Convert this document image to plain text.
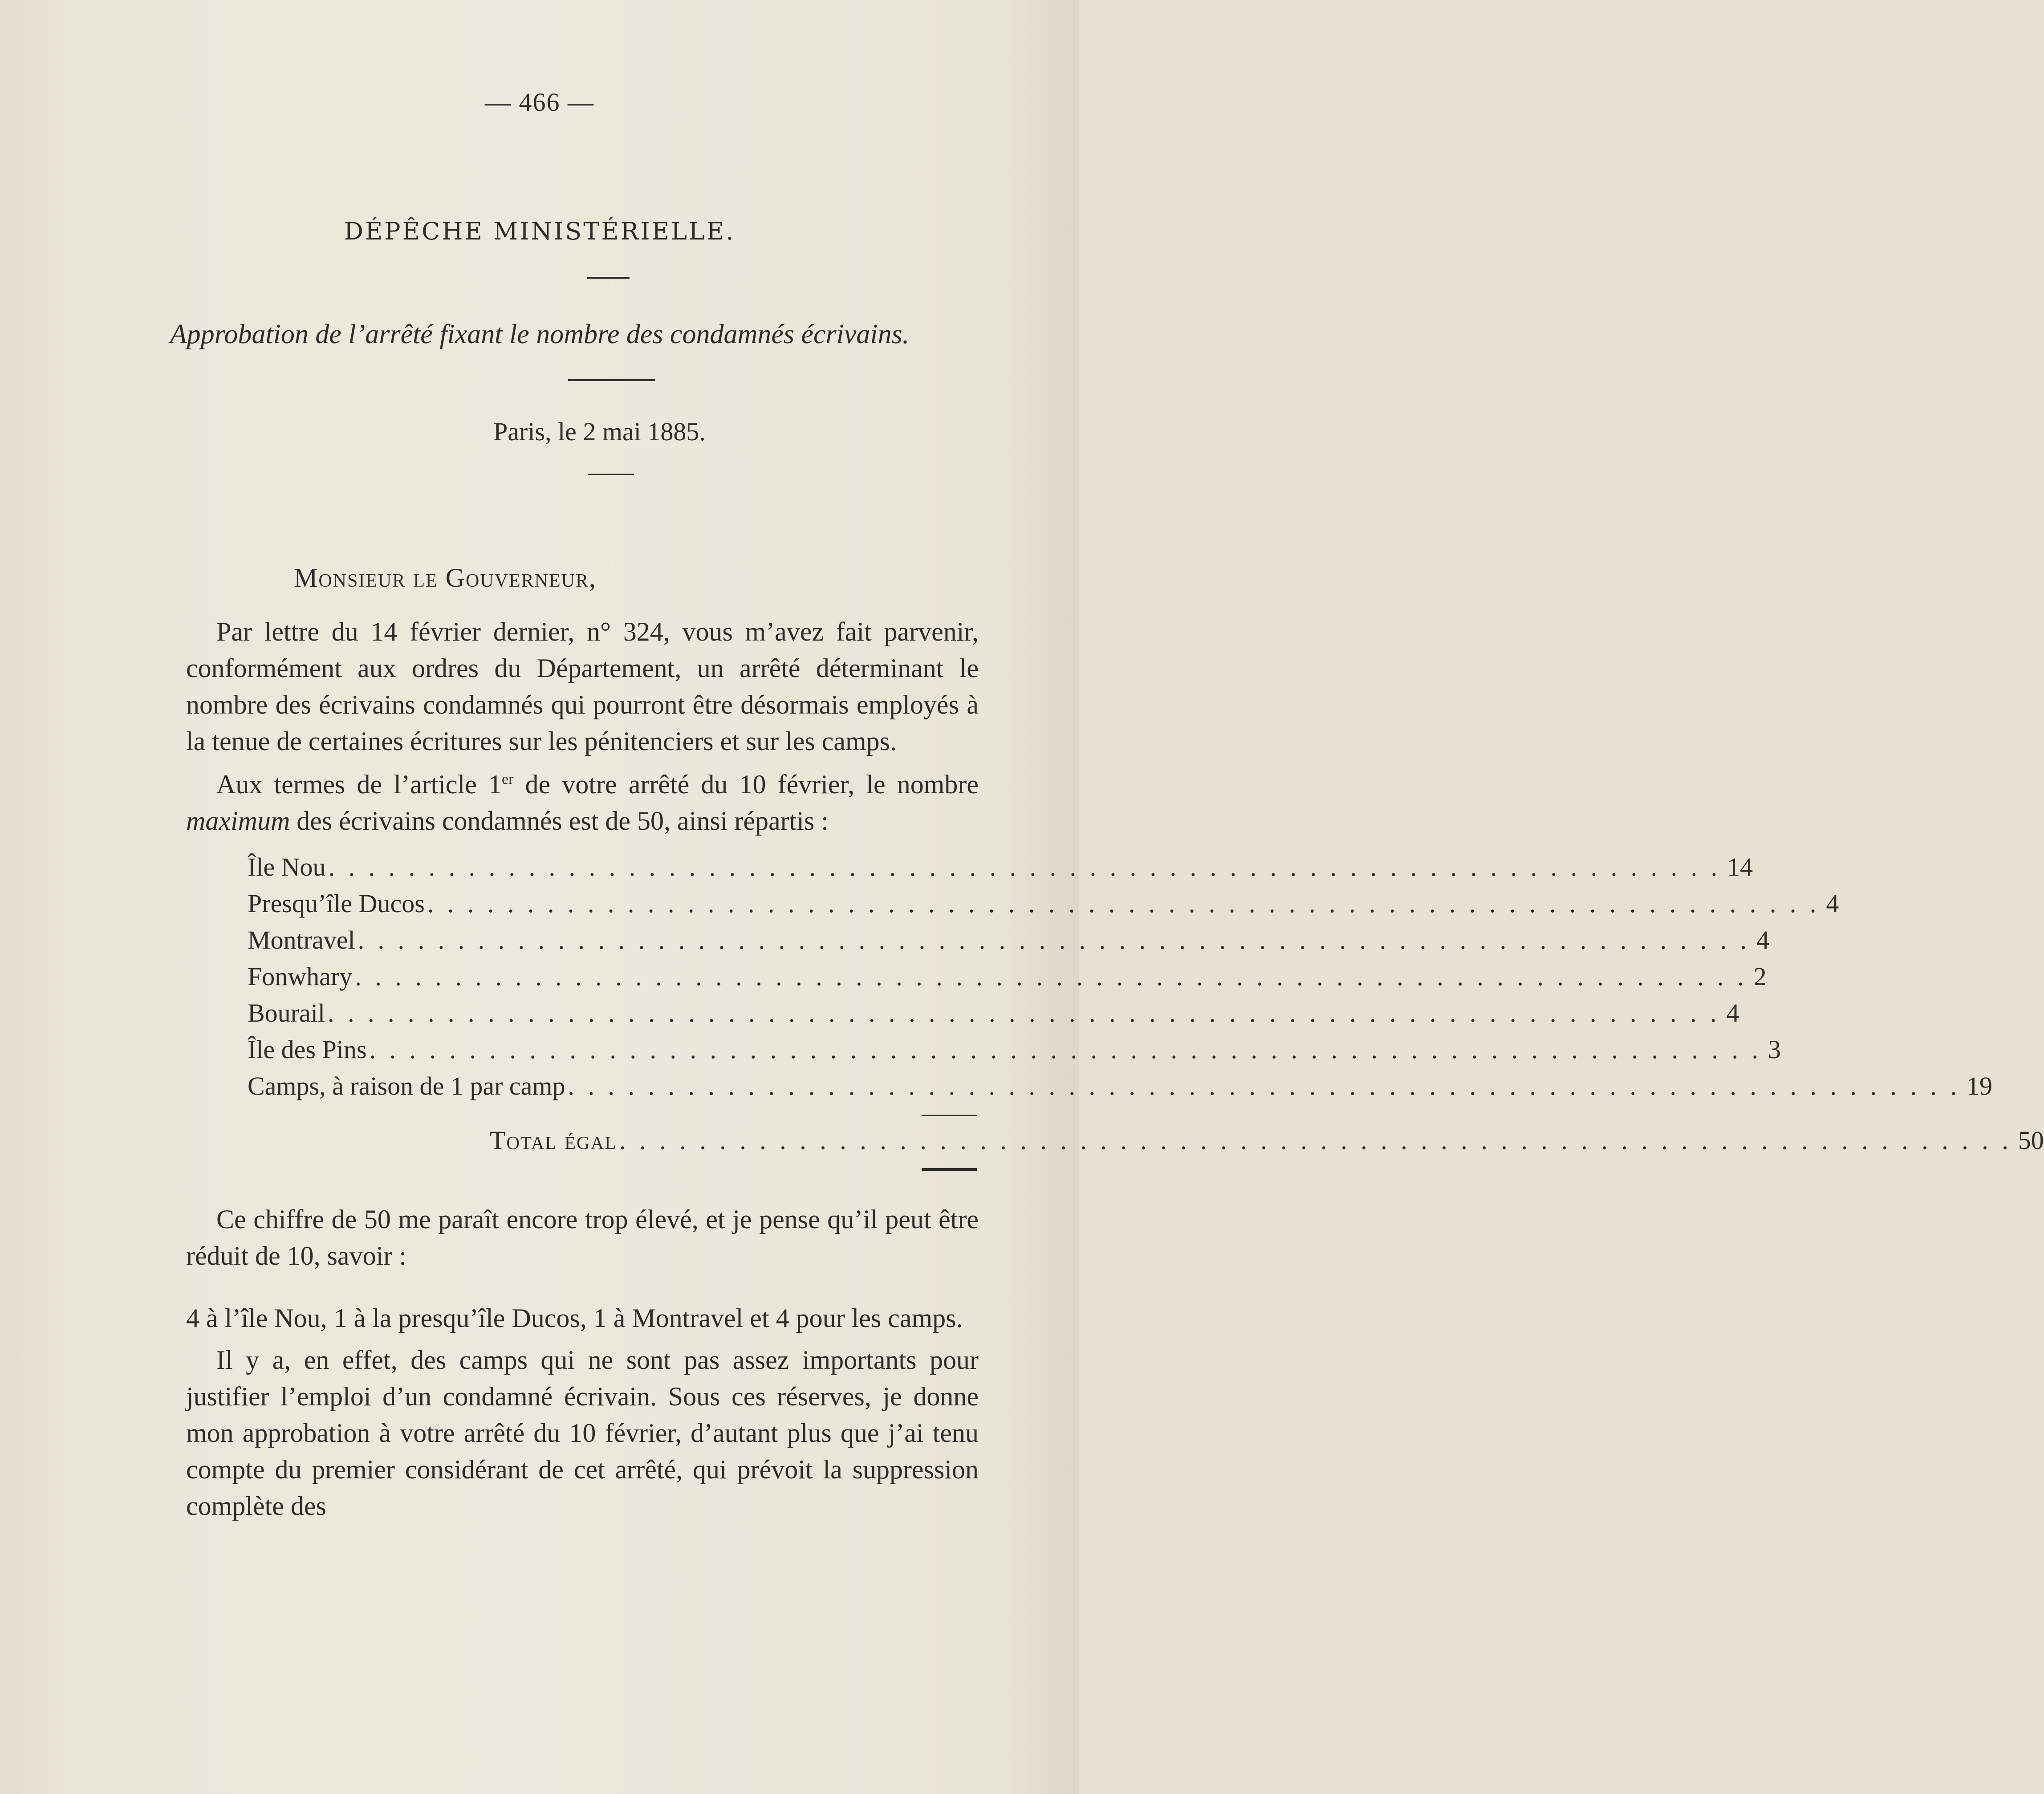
— 466 —
DÉPÊCHE MINISTÉRIELLE.
Approbation de l’arrêté fixant le nombre des condamnés écrivains.
Paris, le 2 mai 1885.
Monsieur le Gouverneur,
Par lettre du 14 février dernier, n° 324, vous m’avez fait parvenir, conformément aux ordres du Département, un arrêté déterminant le nombre des écrivains condamnés qui pourront être désormais employés à la tenue de certaines écritures sur les pénitenciers et sur les camps.
Aux termes de l’article 1er de votre arrêté du 10 février, le nombre maximum des écrivains condamnés est de 50, ainsi répartis :
Île Nou . . . . . . . . . . . . . . . . . . . . . . . . . . . . . . . . . . . . . . . . . . . . . . . . . . . . . . . . . . . . . . . . . . . . . . 14
Presqu’île Ducos . . . . . . . . . . . . . . . . . . . . . . . . . . . . . . . . . . . . . . . . . . . . . . . . . . . . . . . . . . . . . . . . . . . . . . 4
Montravel . . . . . . . . . . . . . . . . . . . . . . . . . . . . . . . . . . . . . . . . . . . . . . . . . . . . . . . . . . . . . . . . . . . . . . 4
Fonwhary . . . . . . . . . . . . . . . . . . . . . . . . . . . . . . . . . . . . . . . . . . . . . . . . . . . . . . . . . . . . . . . . . . . . . . 2
Bourail . . . . . . . . . . . . . . . . . . . . . . . . . . . . . . . . . . . . . . . . . . . . . . . . . . . . . . . . . . . . . . . . . . . . . . 4
Île des Pins . . . . . . . . . . . . . . . . . . . . . . . . . . . . . . . . . . . . . . . . . . . . . . . . . . . . . . . . . . . . . . . . . . . . . . 3
Camps, à raison de 1 par camp . . . . . . . . . . . . . . . . . . . . . . . . . . . . . . . . . . . . . . . . . . . . . . . . . . . . . . . . . . . . . . . . . . . . . . 19
Total égal . . . . . . . . . . . . . . . . . . . . . . . . . . . . . . . . . . . . . . . . . . . . . . . . . . . . . . . . . . . . . . . . . . . . . . 50
Ce chiffre de 50 me paraît encore trop élevé, et je pense qu’il peut être réduit de 10, savoir :
4 à l’île Nou, 1 à la presqu’île Ducos, 1 à Montravel et 4 pour les camps.
Il y a, en effet, des camps qui ne sont pas assez importants pour justifier l’emploi d’un condamné écrivain. Sous ces réserves, je donne mon approbation à votre arrêté du 10 février, d’autant plus que j’ai tenu compte du premier considérant de cet arrêté, qui prévoit la suppression complète des
